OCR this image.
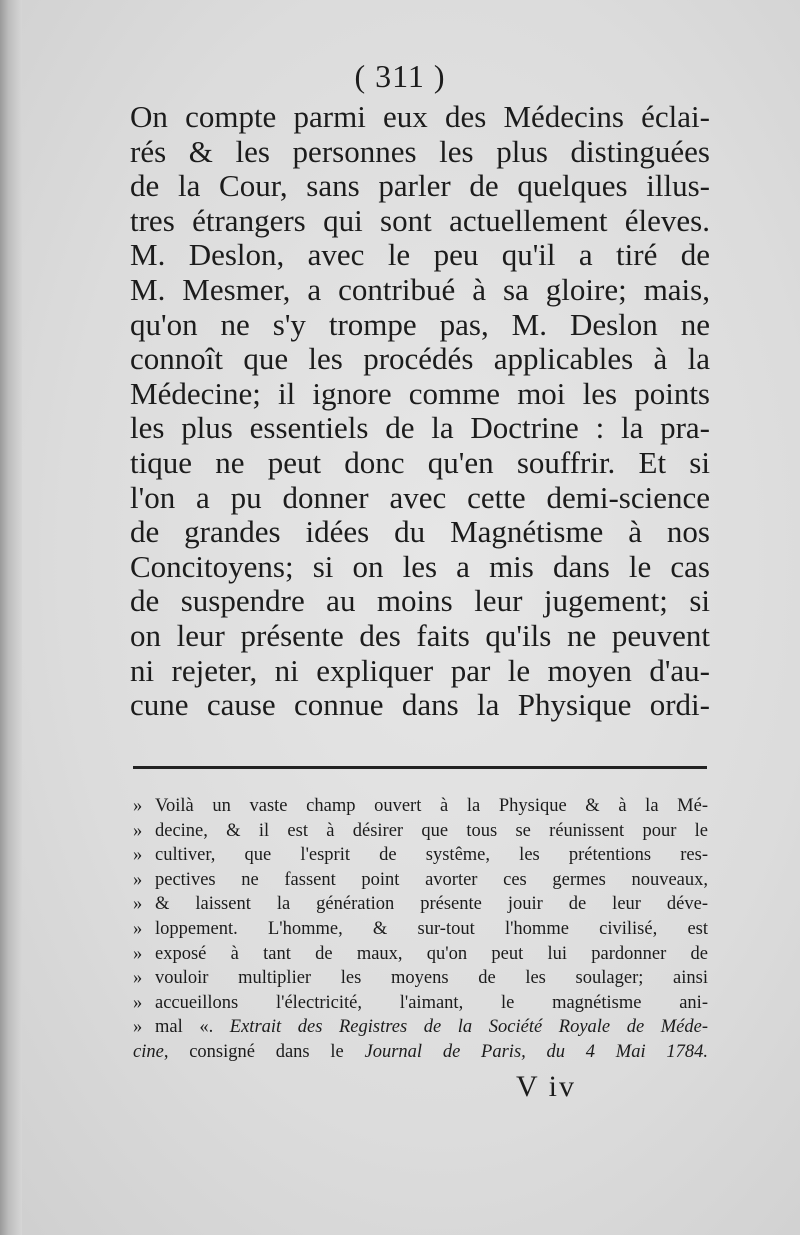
( 311 )
On compte parmi eux des Médecins éclai-
rés & les personnes les plus distinguées
de la Cour, sans parler de quelques illus-
tres étrangers qui sont actuellement éleves.
M. Deslon, avec le peu qu'il a tiré de
M. Mesmer, a contribué à sa gloire; mais,
qu'on ne s'y trompe pas, M. Deslon ne
connoît que les procédés applicables à la
Médecine; il ignore comme moi les points
les plus essentiels de la Doctrine : la pra-
tique ne peut donc qu'en souffrir. Et si
l'on a pu donner avec cette demi-science
de grandes idées du Magnétisme à nos
Concitoyens; si on les a mis dans le cas
de suspendre au moins leur jugement; si
on leur présente des faits qu'ils ne peuvent
ni rejeter, ni expliquer par le moyen d'au-
cune cause connue dans la Physique ordi-
» Voilà un vaste champ ouvert à la Physique & à la Mé-
» decine, & il est à désirer que tous se réunissent pour le
» cultiver, que l'esprit de systême, les prétentions res-
» pectives ne fassent point avorter ces germes nouveaux,
» & laissent la génération présente jouir de leur déve-
» loppement. L'homme, & sur-tout l'homme civilisé, est
» exposé à tant de maux, qu'on peut lui pardonner de
» vouloir multiplier les moyens de les soulager; ainsi
» accueillons l'électricité, l'aimant, le magnétisme ani-
» mal «. Extrait des Registres de la Société Royale de Méde-
cine, consigné dans le Journal de Paris, du 4 Mai 1784.
V iv
